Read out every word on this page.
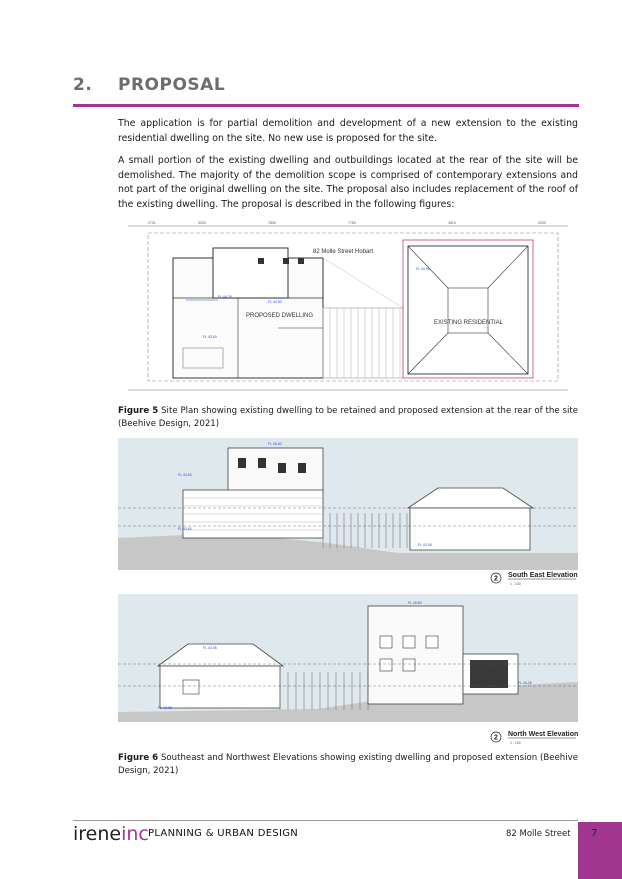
2. PROPOSAL

The application is for partial demolition and development of a new extension to the existing residential dwelling on the site. No new use is proposed for the site.

A small portion of the existing dwelling and outbuildings located at the rear of the site will be demolished. The majority of the demolition scope is comprised of contemporary extensions and not part of the original dwelling on the site. The proposal also includes replacement of the roof of the existing dwelling. The proposal is described in the following figures:

2701	3200	7800	7750	3510	2200
PROPOSED DWELLING
FL 44.35
FL 44.50
FL 43.60
82 Molle Street Hobart
EXISTING RESIDENTIAL
FL 44.95

Figure 5 Site Plan showing existing dwelling to be retained and proposed extension at the rear of the site (Beehive Design, 2021)

FL 45.80
FL 44.50
FL 43.60
FL 43.05
2 South East Elevation
1 : 100
FL 45.80
FL 44.95
FL 43.05
FL 44.25
2 North West Elevation
1 : 100

Figure 6 Southeast and Northwest Elevations showing existing dwelling and proposed extension (Beehive Design, 2021)

ireneinc PLANNING & URBAN DESIGN	82 Molle Street 7
